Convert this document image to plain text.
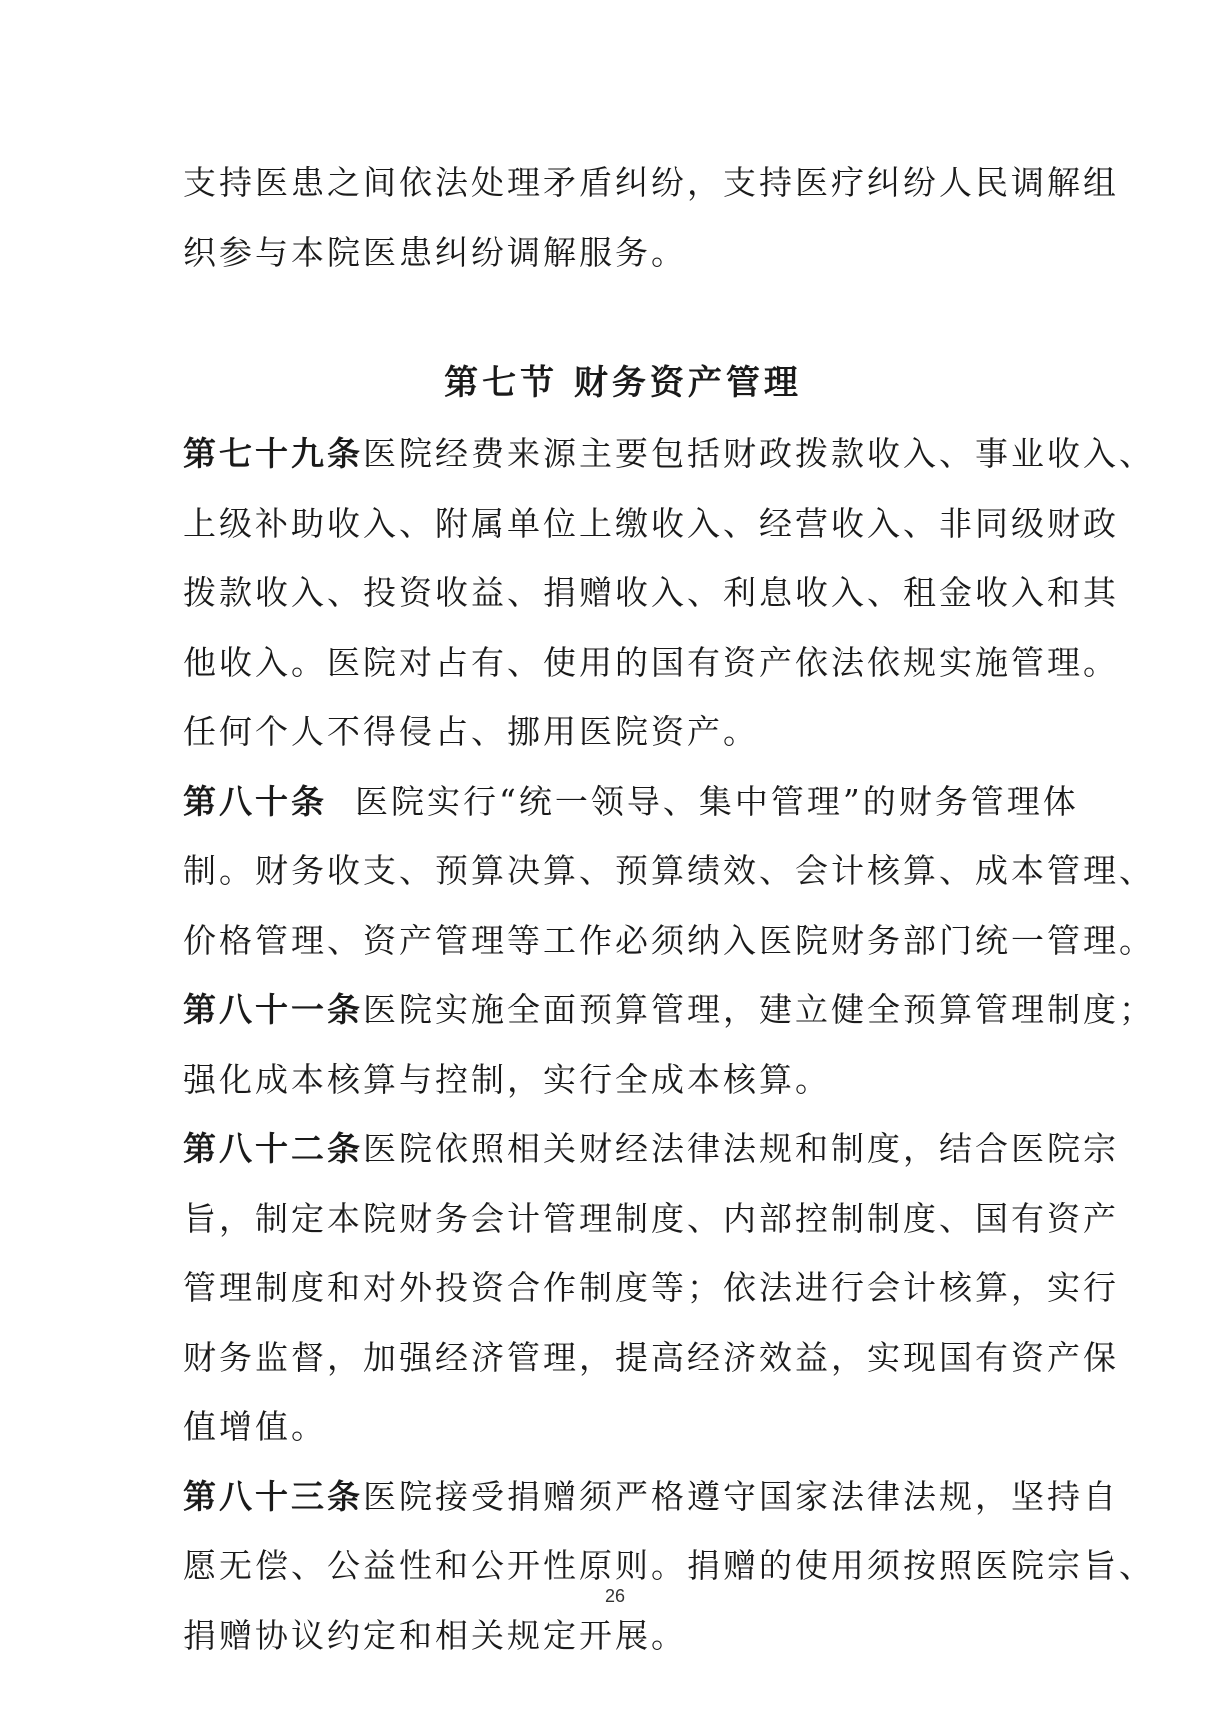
支持医患之间依法处理矛盾纠纷，支持医疗纠纷人民调解组
织参与本院医患纠纷调解服务。
第七节 财务资产管理
第七十九条医院经费来源主要包括财政拨款收入、事业收入、
上级补助收入、附属单位上缴收入、经营收入、非同级财政
拨款收入、投资收益、捐赠收入、利息收入、租金收入和其
他收入。医院对占有、使用的国有资产依法依规实施管理。
任何个人不得侵占、挪用医院资产。
第八十条 医院实行“统一领导、集中管理”的财务管理体
制。财务收支、预算决算、预算绩效、会计核算、成本管理、
价格管理、资产管理等工作必须纳入医院财务部门统一管理。
第八十一条医院实施全面预算管理，建立健全预算管理制度；
强化成本核算与控制，实行全成本核算。
第八十二条医院依照相关财经法律法规和制度，结合医院宗
旨，制定本院财务会计管理制度、内部控制制度、国有资产
管理制度和对外投资合作制度等；依法进行会计核算，实行
财务监督，加强经济管理，提高经济效益，实现国有资产保
值增值。
第八十三条医院接受捐赠须严格遵守国家法律法规，坚持自
愿无偿、公益性和公开性原则。捐赠的使用须按照医院宗旨、
捐赠协议约定和相关规定开展。
26
